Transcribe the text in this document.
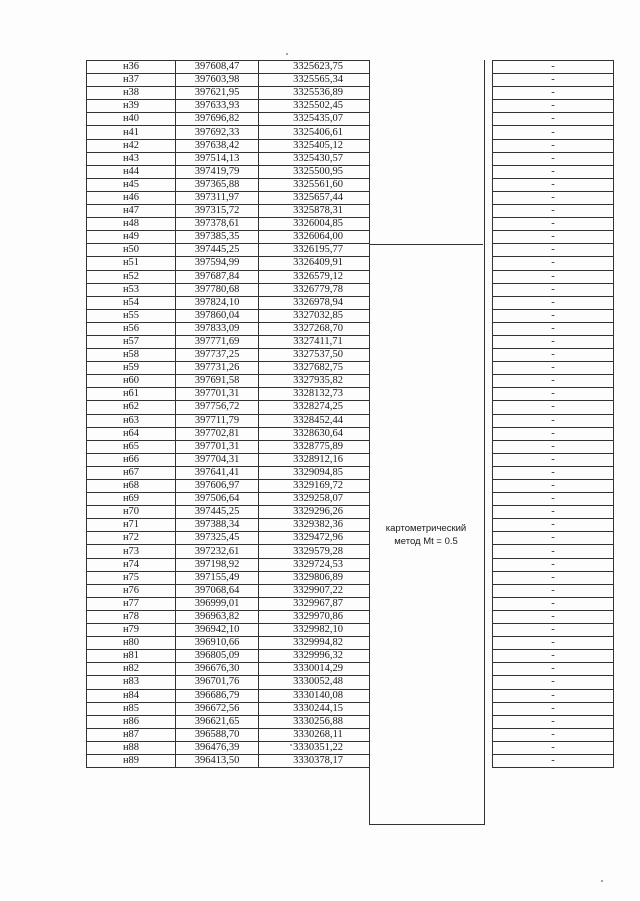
н36	397608,47	3325623,75		-
н37	397603,98	3325565,34		-
н38	397621,95	3325536,89		-
н39	397633,93	3325502,45		-
н40	397696,82	3325435,07		-
н41	397692,33	3325406,61		-
н42	397638,42	3325405,12		-
н43	397514,13	3325430,57		-
н44	397419,79	3325500,95		-
н45	397365,88	3325561,60		-
н46	397311,97	3325657,44		-
н47	397315,72	3325878,31		-
н48	397378,61	3326004,85		-
н49	397385,35	3326064,00		-
н50	397445,25	3326195,77		-
н51	397594,99	3326409,91		-
н52	397687,84	3326579,12		-
н53	397780,68	3326779,78		-
н54	397824,10	3326978,94		-
н55	397860,04	3327032,85		-
н56	397833,09	3327268,70		-
н57	397771,69	3327411,71		-
н58	397737,25	3327537,50		-
н59	397731,26	3327682,75		-
н60	397691,58	3327935,82		-
н61	397701,31	3328132,73		-
н62	397756,72	3328274,25		-
н63	397711,79	3328452,44		-
н64	397702,81	3328630,64		-
н65	397701,31	3328775,89		-
н66	397704,31	3328912,16		-
н67	397641,41	3329094,85		-
н68	397606,97	3329169,72		-
н69	397506,64	3329258,07		-
н70	397445,25	3329296,26		-
н71	397388,34	3329382,36		-
н72	397325,45	3329472,96		-
н73	397232,61	3329579,28		-
н74	397198,92	3329724,53		-
н75	397155,49	3329806,89		-
н76	397068,64	3329907,22		-
н77	396999,01	3329967,87		-
н78	396963,82	3329970,86		-
н79	396942,10	3329982,10		-
н80	396910,66	3329994,82		-
н81	396805,09	3329996,32		-
н82	396676,30	3330014,29		-
н83	396701,76	3330052,48		-
н84	396686,79	3330140,08		-
н85	396672,56	3330244,15		-
н86	396621,65	3330256,88		-
н87	396588,70	3330268,11		-
н88	396476,39	3330351,22		-
н89	396413,50	3330378,17		-
картометрический
метод Mt = 0.5
